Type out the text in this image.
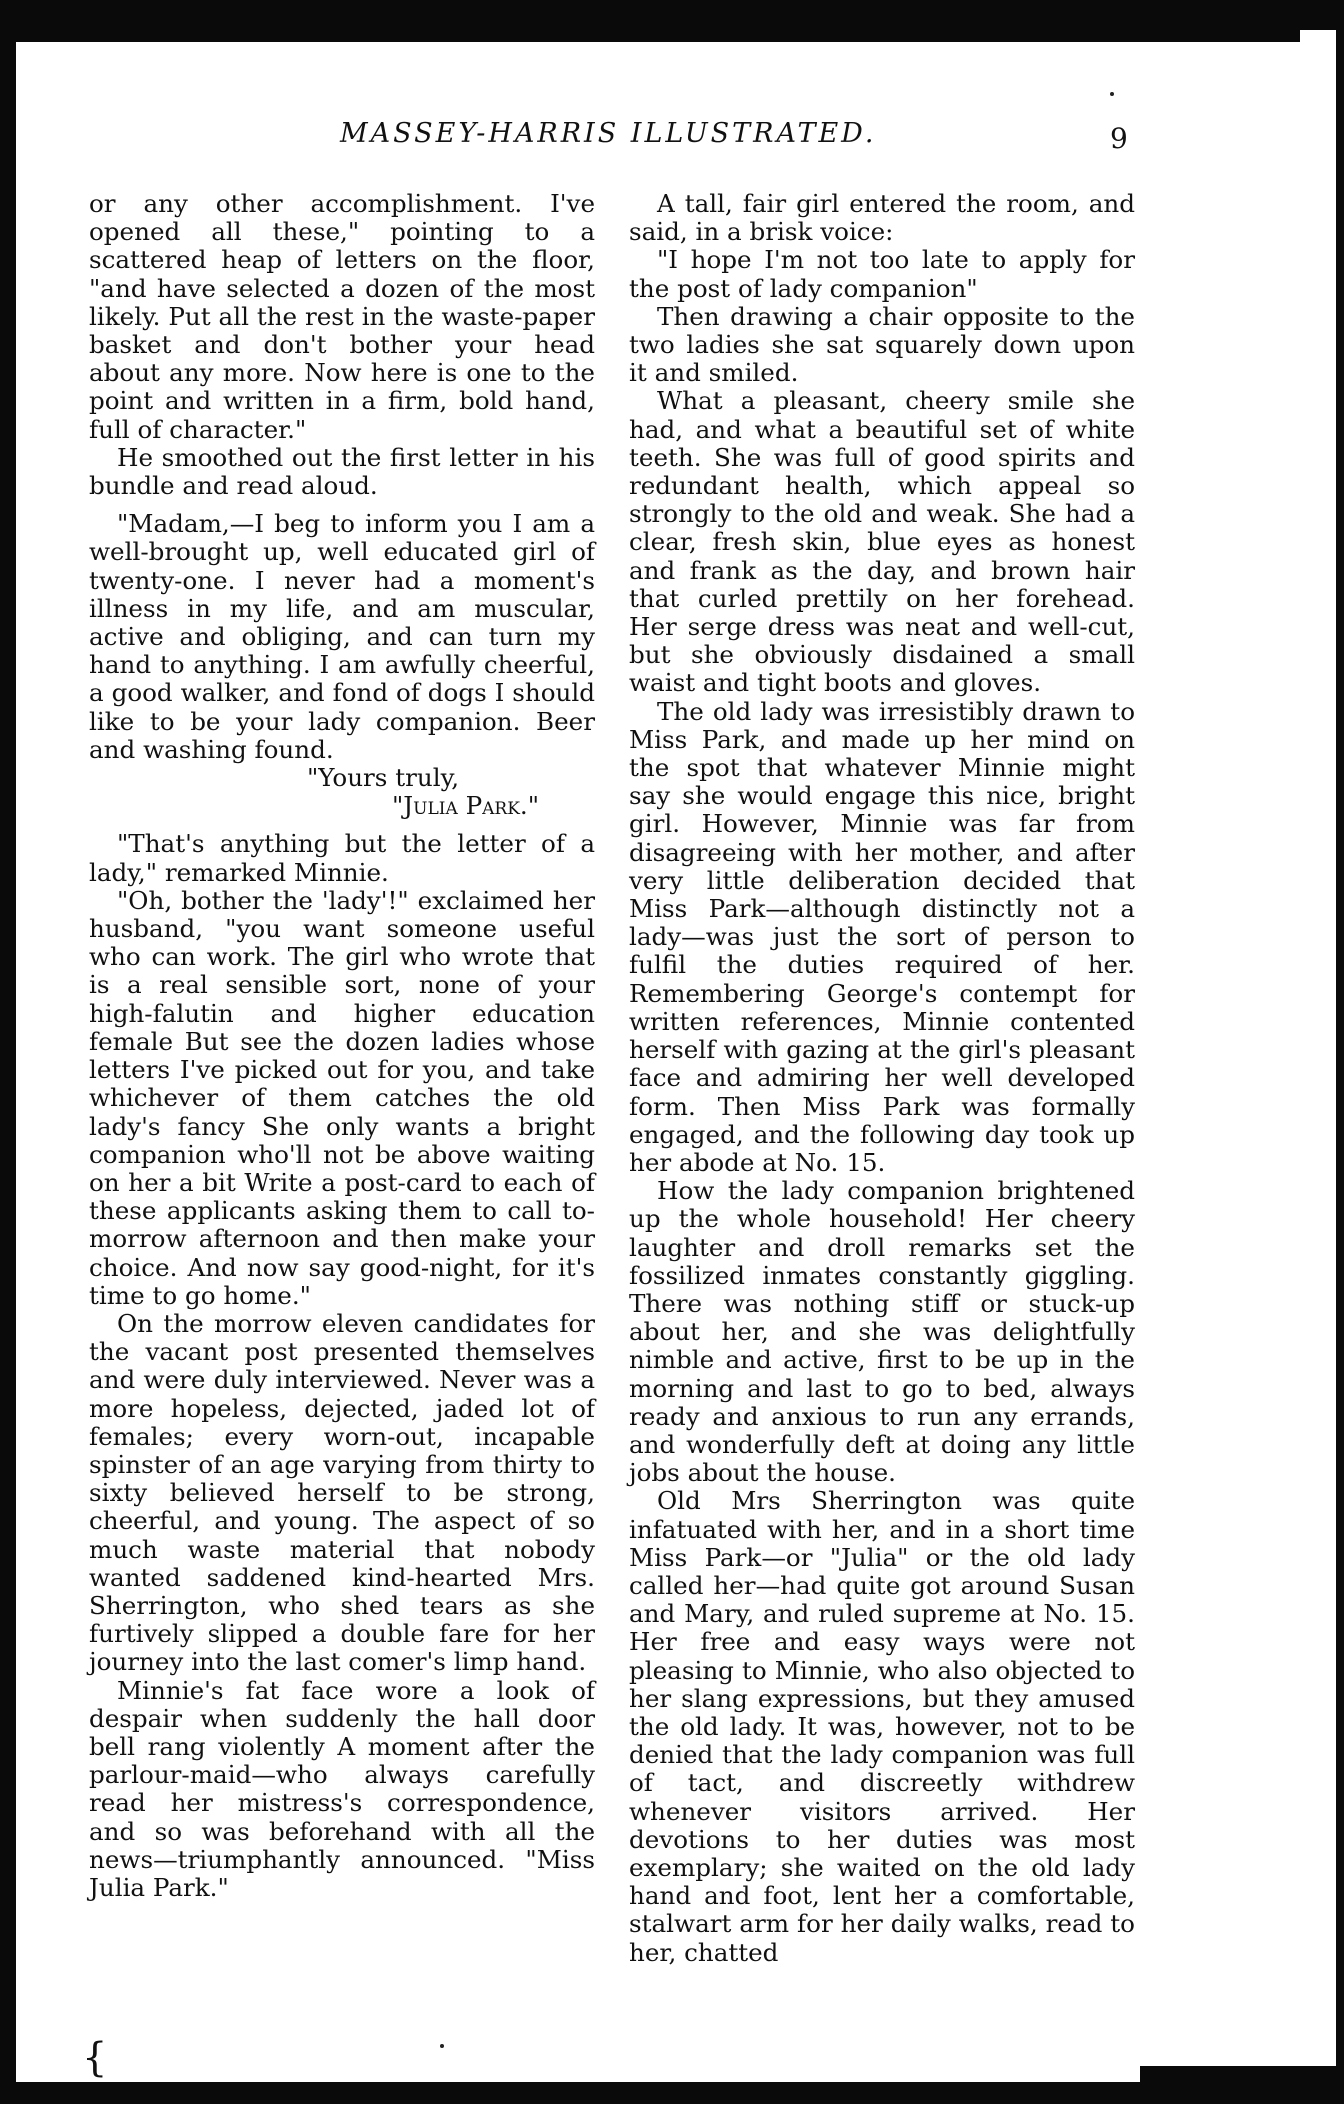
{
MASSEY-HARRIS ILLUSTRATED.	9

or any other accomplishment. I've opened all these," pointing to a scattered heap of letters on the floor, "and have selected a dozen of the most likely. Put all the rest in the waste-paper basket and don't bother your head about any more. Now here is one to the point and written in a firm, bold hand, full of character."

He smoothed out the first letter in his bundle and read aloud.

"Madam,—I beg to inform you I am a well-brought up, well educated girl of twenty-one. I never had a moment's illness in my life, and am muscular, active and obliging, and can turn my hand to anything. I am awfully cheerful, a good walker, and fond of dogs I should like to be your lady companion. Beer and washing found.

"Yours truly,

"Julia Park."

"That's anything but the letter of a lady," remarked Minnie.

"Oh, bother the 'lady'!" exclaimed her husband, "you want someone useful who can work. The girl who wrote that is a real sensible sort, none of your high-falutin and higher education female But see the dozen ladies whose letters I've picked out for you, and take whichever of them catches the old lady's fancy She only wants a bright companion who'll not be above waiting on her a bit Write a post-card to each of these applicants asking them to call to-morrow afternoon and then make your choice. And now say good-night, for it's time to go home."

On the morrow eleven candidates for the vacant post presented themselves and were duly interviewed. Never was a more hopeless, dejected, jaded lot of females; every worn-out, incapable spinster of an age varying from thirty to sixty believed herself to be strong, cheerful, and young. The aspect of so much waste material that nobody wanted saddened kind-hearted Mrs. Sherrington, who shed tears as she furtively slipped a double fare for her journey into the last comer's limp hand.

Minnie's fat face wore a look of despair when suddenly the hall door bell rang violently A moment after the parlour-maid—who always carefully read her mistress's correspondence, and so was beforehand with all the news—triumphantly announced. "Miss Julia Park."

A tall, fair girl entered the room, and said, in a brisk voice:

"I hope I'm not too late to apply for the post of lady companion"

Then drawing a chair opposite to the two ladies she sat squarely down upon it and smiled.

What a pleasant, cheery smile she had, and what a beautiful set of white teeth. She was full of good spirits and redundant health, which appeal so strongly to the old and weak. She had a clear, fresh skin, blue eyes as honest and frank as the day, and brown hair that curled prettily on her forehead. Her serge dress was neat and well-cut, but she obviously disdained a small waist and tight boots and gloves.

The old lady was irresistibly drawn to Miss Park, and made up her mind on the spot that whatever Minnie might say she would engage this nice, bright girl. However, Minnie was far from disagreeing with her mother, and after very little deliberation decided that Miss Park—although distinctly not a lady—was just the sort of person to fulfil the duties required of her. Remembering George's contempt for written references, Minnie contented herself with gazing at the girl's pleasant face and admiring her well developed form. Then Miss Park was formally engaged, and the following day took up her abode at No. 15.

How the lady companion brightened up the whole household! Her cheery laughter and droll remarks set the fossilized inmates constantly giggling. There was nothing stiff or stuck-up about her, and she was delightfully nimble and active, first to be up in the morning and last to go to bed, always ready and anxious to run any errands, and wonderfully deft at doing any little jobs about the house.

Old Mrs Sherrington was quite infatuated with her, and in a short time Miss Park—or "Julia" or the old lady called her—had quite got around Susan and Mary, and ruled supreme at No. 15. Her free and easy ways were not pleasing to Minnie, who also objected to her slang expressions, but they amused the old lady. It was, however, not to be denied that the lady companion was full of tact, and discreetly withdrew whenever visitors arrived. Her devotions to her duties was most exemplary; she waited on the old lady hand and foot, lent her a comfortable, stalwart arm for her daily walks, read to her, chatted
